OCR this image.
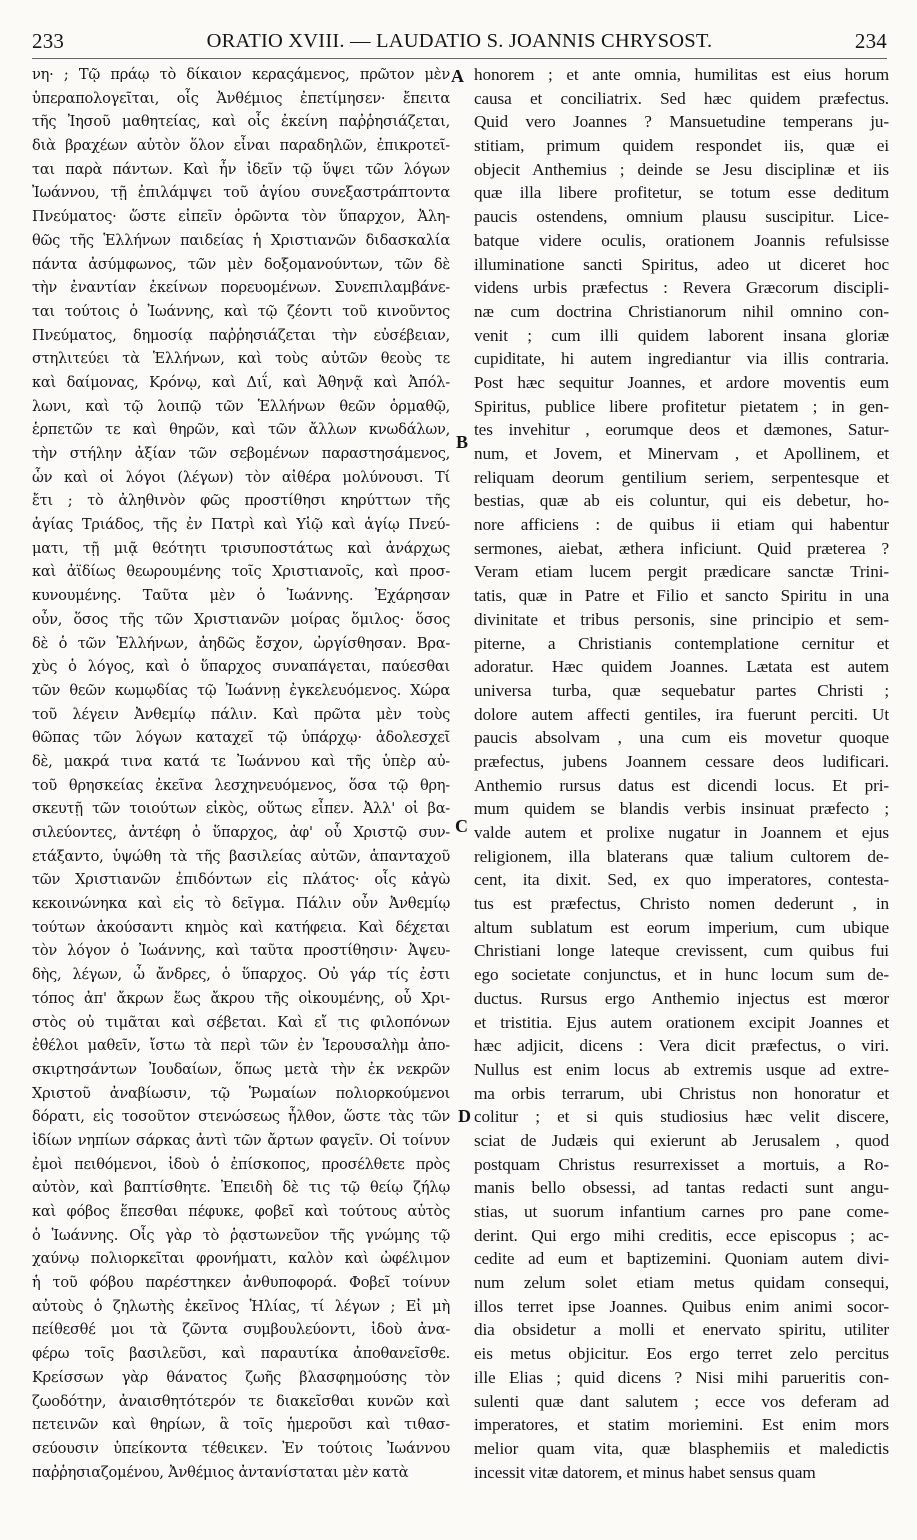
233	ORATIO XVIII. — LAUDATIO S. JOANNIS CHRYSOST.	234
νη· ; Τῷ πράῳ τὸ δίκαιον κεραςάμενος, πρῶτον μὲν
ὑπεραπολογεῖται, οἷς Ἀνθέμιος ἐπετίμησεν· ἔπειτα
τῆς Ἰησοῦ μαθητείας, καὶ οἷς ἐκείνη παῤῥησιάζεται,
διὰ βραχέων αὑτὸν ὅλον εἶναι παραδηλῶν, ἐπικροτεῖ-
ται παρὰ πάντων. Καὶ ἦν ἰδεῖν τῷ ὕψει τῶν λόγων
Ἰωάννου, τῇ ἐπιλάμψει τοῦ ἁγίου συνεξαστράπτοντα
Πνεύματος· ὥστε εἰπεῖν ὁρῶντα τὸν ὕπαρχον, Ἀλη-
θῶς τῆς Ἑλλήνων παιδείας ἡ Χριστιανῶν διδασκαλία
πάντα ἀσύμφωνος, τῶν μὲν δοξομανούντων, τῶν δὲ
τὴν ἐναντίαν ἐκείνων πορευομένων. Συνεπιλαμβάνε-
ται τούτοις ὁ Ἰωάννης, καὶ τῷ ζέοντι τοῦ κινοῦντος
Πνεύματος, δημοσίᾳ παῤῥησιάζεται τὴν εὐσέβειαν,
στηλιτεύει τὰ Ἑλλήνων, καὶ τοὺς αὐτῶν θεοὺς τε
καὶ δαίμονας, Κρόνῳ, καὶ Διΐ, καὶ Ἀθηνᾷ καὶ Ἀπόλ-
λωνι, καὶ τῷ λοιπῷ τῶν Ἑλλήνων θεῶν ὁρμαθῷ,
ἑρπετῶν τε καὶ θηρῶν, καὶ τῶν ἄλλων κνωδάλων,
τὴν στήλην ἀξίαν τῶν σεβομένων παραστησάμενος,
ὧν καὶ οἱ λόγοι (λέγων) τὸν αἰθέρα μολύνουσι. Τί
ἔτι ; τὸ ἀληθινὸν φῶς προστίθησι κηρύττων τῆς
ἁγίας Τριάδος, τῆς ἐν Πατρὶ καὶ Υἱῷ καὶ ἁγίῳ Πνεύ-
ματι, τῇ μιᾷ θεότητι τρισυποστάτως καὶ ἀνάρχως
καὶ ἀϊδίως θεωρουμένης τοῖς Χριστιανοῖς, καὶ προσ-
κυνουμένης. Ταῦτα μὲν ὁ Ἰωάννης. Ἐχάρησαν
οὖν, ὅσος τῆς τῶν Χριστιανῶν μοίρας ὅμιλος· ὅσος
δὲ ὁ τῶν Ἑλλήνων, ἀηδῶς ἔσχον, ὠργίσθησαν. Βρα-
χὺς ὁ λόγος, καὶ ὁ ὕπαρχος συναπάγεται, παύεσθαι
τῶν θεῶν κωμῳδίας τῷ Ἰωάννῃ ἐγκελευόμενος. Χώρα
τοῦ λέγειν Ἀνθεμίῳ πάλιν. Καὶ πρῶτα μὲν τοὺς
θῶπας τῶν λόγων καταχεῖ τῷ ὑπάρχῳ· ἀδολεσχεῖ
δὲ, μακρά τινα κατά τε Ἰωάννου καὶ τῆς ὑπὲρ αὐ-
τοῦ θρησκείας ἐκεῖνα λεσχηνευόμενος, ὅσα τῷ θρη-
σκευτῇ τῶν τοιούτων εἰκὸς, οὕτως εἶπεν. Ἀλλ' οἱ βα-
σιλεύοντες, ἀντέφη ὁ ὕπαρχος, ἀφ' οὗ Χριστῷ συν-
ετάξαντο, ὑψώθη τὰ τῆς βασιλείας αὐτῶν, ἁπανταχοῦ
τῶν Χριστιανῶν ἐπιδόντων εἰς πλάτος· οἷς κἀγὼ
κεκοινώνηκα καὶ εἰς τὸ δεῖγμα. Πάλιν οὖν Ἀνθεμίῳ
τούτων ἀκούσαντι κημὸς καὶ κατήφεια. Καὶ δέχεται
τὸν λόγον ὁ Ἰωάννης, καὶ ταῦτα προστίθησιν· Ἀψευ-
δὴς, λέγων, ὦ ἄνδρες, ὁ ὕπαρχος. Οὐ γάρ τίς ἐστι
τόπος ἀπ' ἄκρων ἕως ἄκρου τῆς οἰκουμένης, οὗ Χρι-
στὸς οὐ τιμᾶται καὶ σέβεται. Καὶ εἴ τις φιλοπόνων
ἐθέλοι μαθεῖν, ἴστω τὰ περὶ τῶν ἐν Ἱερουσαλὴμ ἀπο-
σκιρτησάντων Ἰουδαίων, ὅπως μετὰ τὴν ἐκ νεκρῶν
Χριστοῦ ἀναβίωσιν, τῷ Ῥωμαίων πολιορκούμενοι
δόρατι, εἰς τοσοῦτον στενώσεως ἦλθον, ὥστε τὰς τῶν
ἰδίων νηπίων σάρκας ἀντὶ τῶν ἄρτων φαγεῖν. Οἱ τοίνυν
ἐμοὶ πειθόμενοι, ἰδοὺ ὁ ἐπίσκοπος, προσέλθετε πρὸς
αὐτὸν, καὶ βαπτίσθητε. Ἐπειδὴ δὲ τις τῷ θείῳ ζήλῳ
καὶ φόβος ἕπεσθαι πέφυκε, φοβεῖ καὶ τούτους αὐτὸς
ὁ Ἰωάννης. Οἷς γὰρ τὸ ῥᾳστωνεῦον τῆς γνώμης τῷ
χαύνῳ πολιορκεῖται φρονήματι, καλὸν καὶ ὠφέλιμον
ἡ τοῦ φόβου παρέστηκεν ἀνθυποφορά. Φοβεῖ τοίνυν
αὐτοὺς ὁ ζηλωτὴς ἐκεῖνος Ἠλίας, τί λέγων ; Εἰ μὴ
πείθεσθέ μοι τὰ ζῶντα συμβουλεύοντι, ἰδοὺ ἀνα-
φέρω τοῖς βασιλεῦσι, καὶ παραυτίκα ἀποθανεῖσθε.
Κρείσσων γὰρ θάνατος ζωῆς βλασφημούσης τὸν
ζωοδότην, ἀναισθητότερόν τε διακεῖσθαι κυνῶν καὶ
πετεινῶν καὶ θηρίων, ἃ τοῖς ἡμεροῦσι καὶ τιθασ-
σεύουσιν ὑπείκοντα τέθεικεν. Ἐν τούτοις Ἰωάννου
παῤῥησιαζομένου, Ἀνθέμιος ἀντανίσταται μὲν κατὰ
honorem ; et ante omnia, humilitas est eius horum
causa et conciliatrix. Sed hæc quidem præfectus.
Quid vero Joannes ? Mansuetudine temperans ju-
stitiam, primum quidem respondet iis, quæ ei
objecit Anthemius ; deinde se Jesu disciplinæ et iis
quæ illa libere profitetur, se totum esse deditum
paucis ostendens, omnium plausu suscipitur. Lice-
batque videre oculis, orationem Joannis refulsisse
illuminatione sancti Spiritus, adeo ut diceret hoc
videns urbis præfectus : Revera Græcorum discipli-
næ cum doctrina Christianorum nihil omnino con-
venit ; cum illi quidem laborent insana gloriæ
cupiditate, hi autem ingrediantur via illis contraria.
Post hæc sequitur Joannes, et ardore moventis eum
Spiritus, publice libere profitetur pietatem ; in gen-
tes invehitur , eorumque deos et dæmones, Satur-
num, et Jovem, et Minervam , et Apollinem, et
reliquam deorum gentilium seriem, serpentesque et
bestias, quæ ab eis coluntur, qui eis debetur, ho-
nore afficiens : de quibus ii etiam qui habentur
sermones, aiebat, æthera inficiunt. Quid præterea ?
Veram etiam lucem pergit prædicare sanctæ Trini-
tatis, quæ in Patre et Filio et sancto Spiritu in una
divinitate et tribus personis, sine principio et sem-
piterne, a Christianis contemplatione cernitur et
adoratur. Hæc quidem Joannes. Lætata est autem
universa turba, quæ sequebatur partes Christi ;
dolore autem affecti gentiles, ira fuerunt perciti. Ut
paucis absolvam , una cum eis movetur quoque
præfectus, jubens Joannem cessare deos ludificari.
Anthemio rursus datus est dicendi locus. Et pri-
mum quidem se blandis verbis insinuat præfecto ;
valde autem et prolixe nugatur in Joannem et ejus
religionem, illa blaterans quæ talium cultorem de-
cent, ita dixit. Sed, ex quo imperatores, contesta-
tus est præfectus, Christo nomen dederunt , in
altum sublatum est eorum imperium, cum ubique
Christiani longe lateque crevissent, cum quibus fui
ego societate conjunctus, et in hunc locum sum de-
ductus. Rursus ergo Anthemio injectus est mœror
et tristitia. Ejus autem orationem excipit Joannes et
hæc adjicit, dicens : Vera dicit præfectus, o viri.
Nullus est enim locus ab extremis usque ad extre-
ma orbis terrarum, ubi Christus non honoratur et
colitur ; et si quis studiosius hæc velit discere,
sciat de Judæis qui exierunt ab Jerusalem , quod
postquam Christus resurrexisset a mortuis, a Ro-
manis bello obsessi, ad tantas redacti sunt angu-
stias, ut suorum infantium carnes pro pane come-
derint. Qui ergo mihi creditis, ecce episcopus ; ac-
cedite ad eum et baptizemini. Quoniam autem divi-
num zelum solet etiam metus quidam consequi,
illos terret ipse Joannes. Quibus enim animi socor-
dia obsidetur a molli et enervato spiritu, utiliter
eis metus objicitur. Eos ergo terret zelo percitus
ille Elias ; quid dicens ? Nisi mihi parueritis con-
sulenti quæ dant salutem ; ecce vos deferam ad
imperatores, et statim moriemini. Est enim mors
melior quam vita, quæ blasphemiis et maledictis
incessit vitæ datorem, et minus habet sensus quam
A
B
C
D
